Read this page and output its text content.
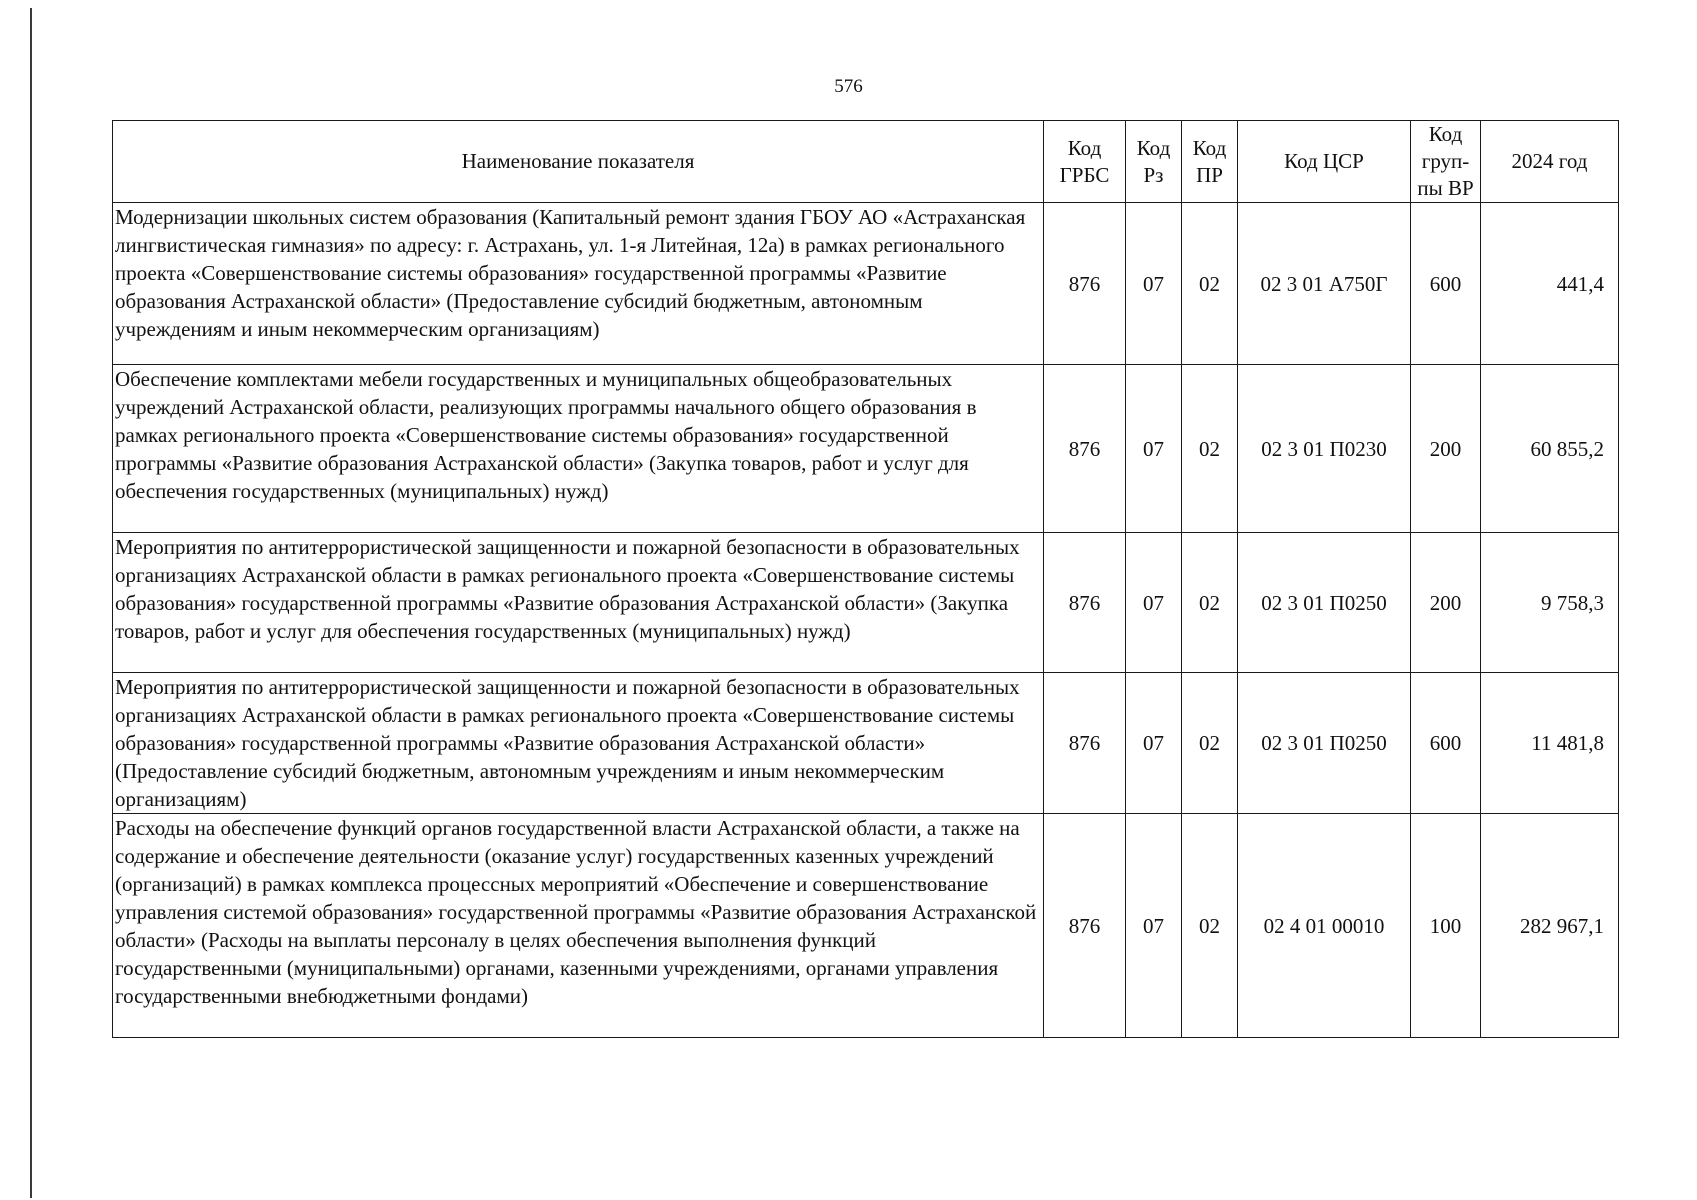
576
Наименование показателя	Код ГРБС	Код Рз	Код ПР	Код ЦСР	Код груп-пы ВР	2024 год
Модернизации школьных систем образования (Капитальный ремонт здания ГБОУ АО «Астраханская лингвистическая гимназия» по адресу: г. Астрахань, ул. 1-я Литейная, 12а) в рамках регионального проекта «Совершенствование системы образования» государственной программы «Развитие образования Астраханской области» (Предоставление субсидий бюджетным, автономным учреждениям и иным некоммерческим организациям)	876	07	02	02 3 01 А750Г	600	441,4
Обеспечение комплектами мебели государственных и муниципальных общеобразовательных учреждений Астраханской области, реализующих программы начального общего образования в рамках регионального проекта «Совершенствование системы образования» государственной программы «Развитие образования Астраханской области» (Закупка товаров, работ и услуг для обеспечения государственных (муниципальных) нужд)	876	07	02	02 3 01 П0230	200	60 855,2
Мероприятия по антитеррористической защищенности и пожарной безопасности в образовательных организациях Астраханской области в рамках регионального проекта «Совершенствование системы образования» государственной программы «Развитие образования Астраханской области» (Закупка товаров, работ и услуг для обеспечения государственных (муниципальных) нужд)	876	07	02	02 3 01 П0250	200	9 758,3
Мероприятия по антитеррористической защищенности и пожарной безопасности в образовательных организациях Астраханской области в рамках регионального проекта «Совершенствование системы образования» государственной программы «Развитие образования Астраханской области» (Предоставление субсидий бюджетным, автономным учреждениям и иным некоммерческим организациям)	876	07	02	02 3 01 П0250	600	11 481,8
Расходы на обеспечение функций органов государственной власти Астраханской области, а также на содержание и обеспечение деятельности (оказание услуг) государственных казенных учреждений (организаций) в рамках комплекса процессных мероприятий «Обеспечение и совершенствование управления системой образования» государственной программы «Развитие образования Астраханской области» (Расходы на выплаты персоналу в целях обеспечения выполнения функций государственными (муниципальными) органами, казенными учреждениями, органами управления государственными внебюджетными фондами)	876	07	02	02 4 01 00010	100	282 967,1
